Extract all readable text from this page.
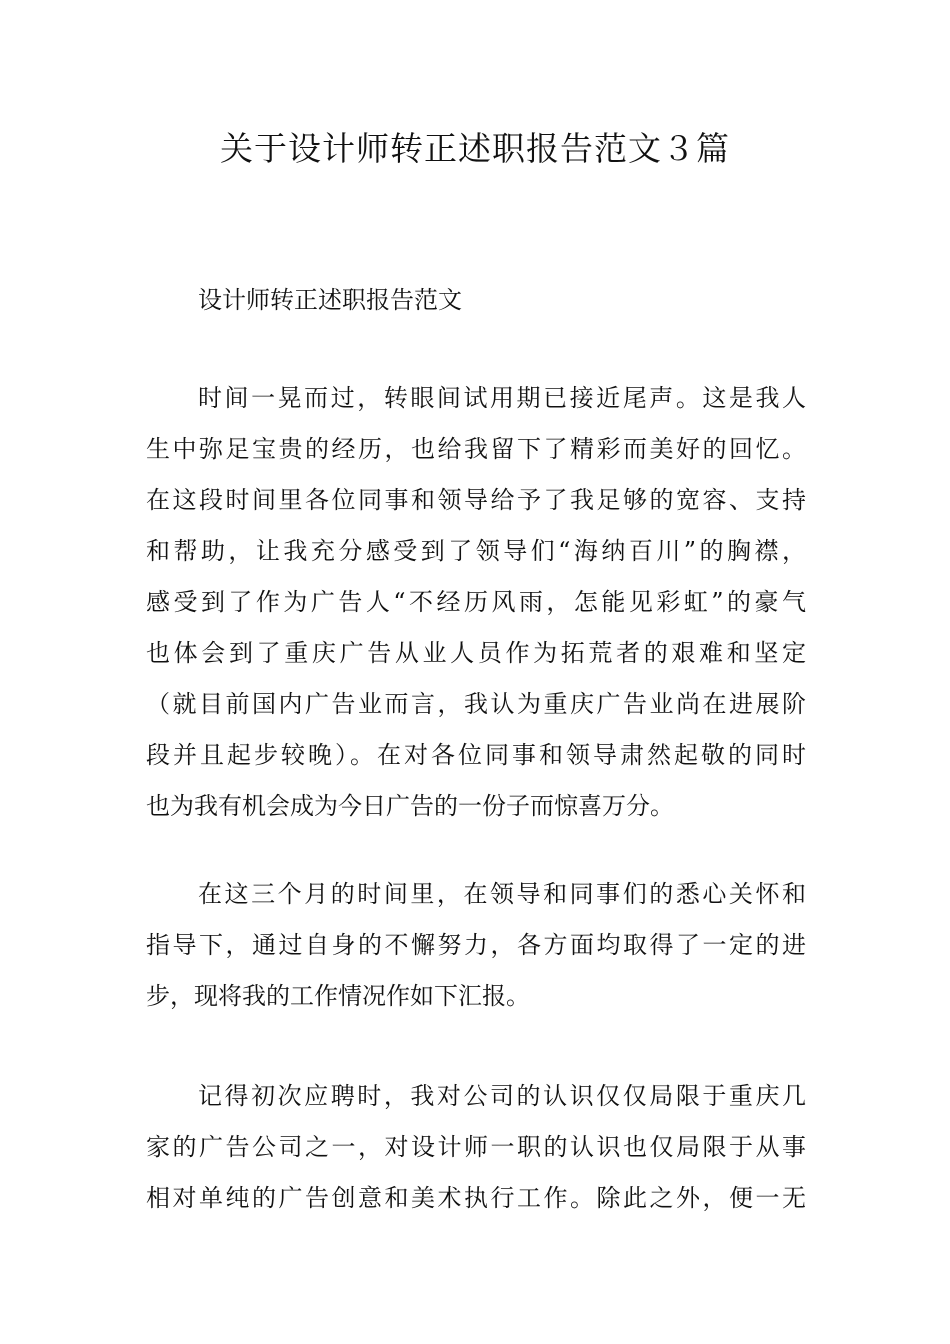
关于设计师转正述职报告范文３篇

设计师转正述职报告范文

时间一晃而过，转眼间试用期已接近尾声。这是我人
生中弥足宝贵的经历，也给我留下了精彩而美好的回忆。
在这段时间里各位同事和领导给予了我足够的宽容、支持
和帮助，让我充分感受到了领导们“海纳百川”的胸襟，
感受到了作为广告人“不经历风雨，怎能见彩虹”的豪气
也体会到了重庆广告从业人员作为拓荒者的艰难和坚定
（就目前国内广告业而言，我认为重庆广告业尚在进展阶
段并且起步较晚）。在对各位同事和领导肃然起敬的同时
也为我有机会成为今日广告的一份子而惊喜万分。
在这三个月的时间里，在领导和同事们的悉心关怀和
指导下，通过自身的不懈努力，各方面均取得了一定的进
步，现将我的工作情况作如下汇报。
记得初次应聘时，我对公司的认识仅仅局限于重庆几
家的广告公司之一，对设计师一职的认识也仅局限于从事
相对单纯的广告创意和美术执行工作。除此之外，便一无
